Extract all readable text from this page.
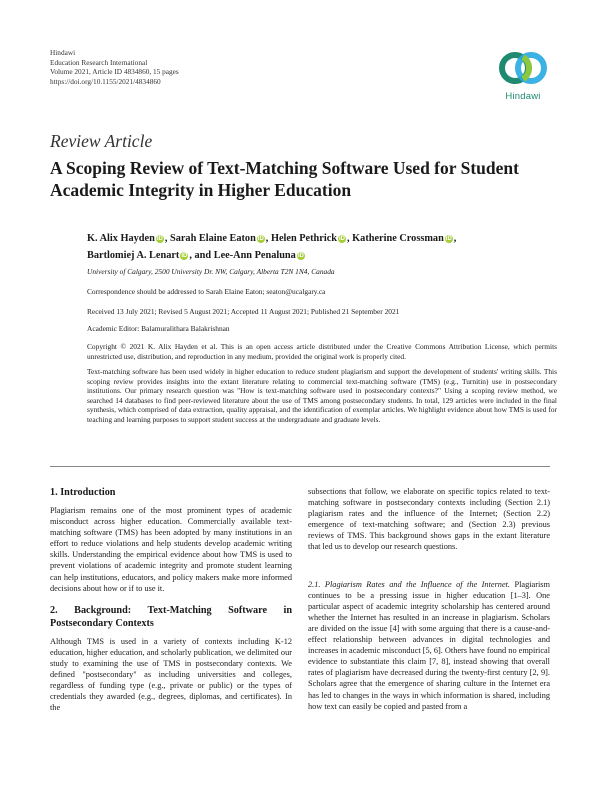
Hindawi
Education Research International
Volume 2021, Article ID 4834860, 15 pages
https://doi.org/10.1155/2021/4834860
Hindawi
Review Article
A Scoping Review of Text-Matching Software Used for Student Academic Integrity in Higher Education
K. Alix Hayden iD , Sarah Elaine Eaton iD , Helen Pethrick iD , Katherine Crossman iD ,
Bartlomiej A. Lenart iD , and Lee-Ann Penaluna iD
University of Calgary, 2500 University Dr. NW, Calgary, Alberta T2N 1N4, Canada
Correspondence should be addressed to Sarah Elaine Eaton; seaton@ucalgary.ca
Received 13 July 2021; Revised 5 August 2021; Accepted 11 August 2021; Published 21 September 2021
Academic Editor: Balamuralithara Balakrishnan
Copyright © 2021 K. Alix Hayden et al. This is an open access article distributed under the Creative Commons Attribution License, which permits unrestricted use, distribution, and reproduction in any medium, provided the original work is properly cited.
Text-matching software has been used widely in higher education to reduce student plagiarism and support the development of students' writing skills. This scoping review provides insights into the extant literature relating to commercial text-matching software (TMS) (e.g., Turnitin) use in postsecondary institutions. Our primary research question was "How is text-matching software used in postsecondary contexts?" Using a scoping review method, we searched 14 databases to find peer-reviewed literature about the use of TMS among postsecondary students. In total, 129 articles were included in the final synthesis, which comprised of data extraction, quality appraisal, and the identification of exemplar articles. We highlight evidence about how TMS is used for teaching and learning purposes to support student success at the undergraduate and graduate levels.
1. Introduction

Plagiarism remains one of the most prominent types of academic misconduct across higher education. Commercially available text-matching software (TMS) has been adopted by many institutions in an effort to reduce violations and help students develop academic writing skills. Understanding the empirical evidence about how TMS is used to prevent violations of academic integrity and promote student learning can help institutions, educators, and policy makers make more informed decisions about how or if to use it.

2. Background: Text-Matching Software in Postsecondary Contexts

Although TMS is used in a variety of contexts including K-12 education, higher education, and scholarly publication, we delimited our study to examining the use of TMS in postsecondary contexts. We defined "postsecondary" as including universities and colleges, regardless of funding type (e.g., private or public) or the types of credentials they awarded (e.g., degrees, diplomas, and certificates). In the

subsections that follow, we elaborate on specific topics related to text-matching software in postsecondary contexts including (Section 2.1) plagiarism rates and the influence of the Internet; (Section 2.2) emergence of text-matching software; and (Section 2.3) previous reviews of TMS. This background shows gaps in the extant literature that led us to develop our research questions.

2.1. Plagiarism Rates and the Influence of the Internet. Plagiarism continues to be a pressing issue in higher education [1–3]. One particular aspect of academic integrity scholarship has centered around whether the Internet has resulted in an increase in plagiarism. Scholars are divided on the issue [4] with some arguing that there is a cause-and-effect relationship between advances in digital technologies and increases in academic misconduct [5, 6]. Others have found no empirical evidence to substantiate this claim [7, 8], instead showing that overall rates of plagiarism have decreased during the twenty-first century [2, 9]. Scholars agree that the emergence of sharing culture in the Internet era has led to changes in the ways in which information is shared, including how text can easily be copied and pasted from a
